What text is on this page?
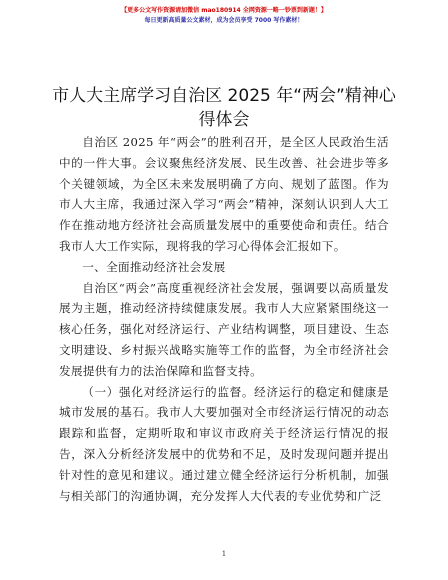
【更多公文写作资源请加微信 mao180914 全网资源一略一钞票到新题！】
每日更新高质量公文素材，成为会员享受 7000 写作素材！
市人大主席学习自治区 2025 年“两会”精神心得体会

自治区 2025 年“两会”的胜利召开，是全区人民政治生活中的一件大事。会议聚焦经济发展、民生改善、社会进步等多个关键领域，为全区未来发展明确了方向、规划了蓝图。作为市人大主席，我通过深入学习“两会”精神，深刻认识到人大工作在推动地方经济社会高质量发展中的重要使命和责任。结合我市人大工作实际，现将我的学习心得体会汇报如下。

一、全面推动经济社会发展

自治区“两会”高度重视经济社会发展，强调要以高质量发展为主题，推动经济持续健康发展。我市人大应紧紧围绕这一核心任务，强化对经济运行、产业结构调整，项目建设、生态文明建设、乡村振兴战略实施等工作的监督，为全市经济社会发展提供有力的法治保障和监督支持。

（一）强化对经济运行的监督。经济运行的稳定和健康是城市发展的基石。我市人大要加强对全市经济运行情况的动态跟踪和监督，定期听取和审议市政府关于经济运行情况的报告，深入分析经济发展中的优势和不足，及时发现问题并提出针对性的意见和建议。通过建立健全经济运行分析机制，加强与相关部门的沟通协调，充分发挥人大代表的专业优势和广泛

1
